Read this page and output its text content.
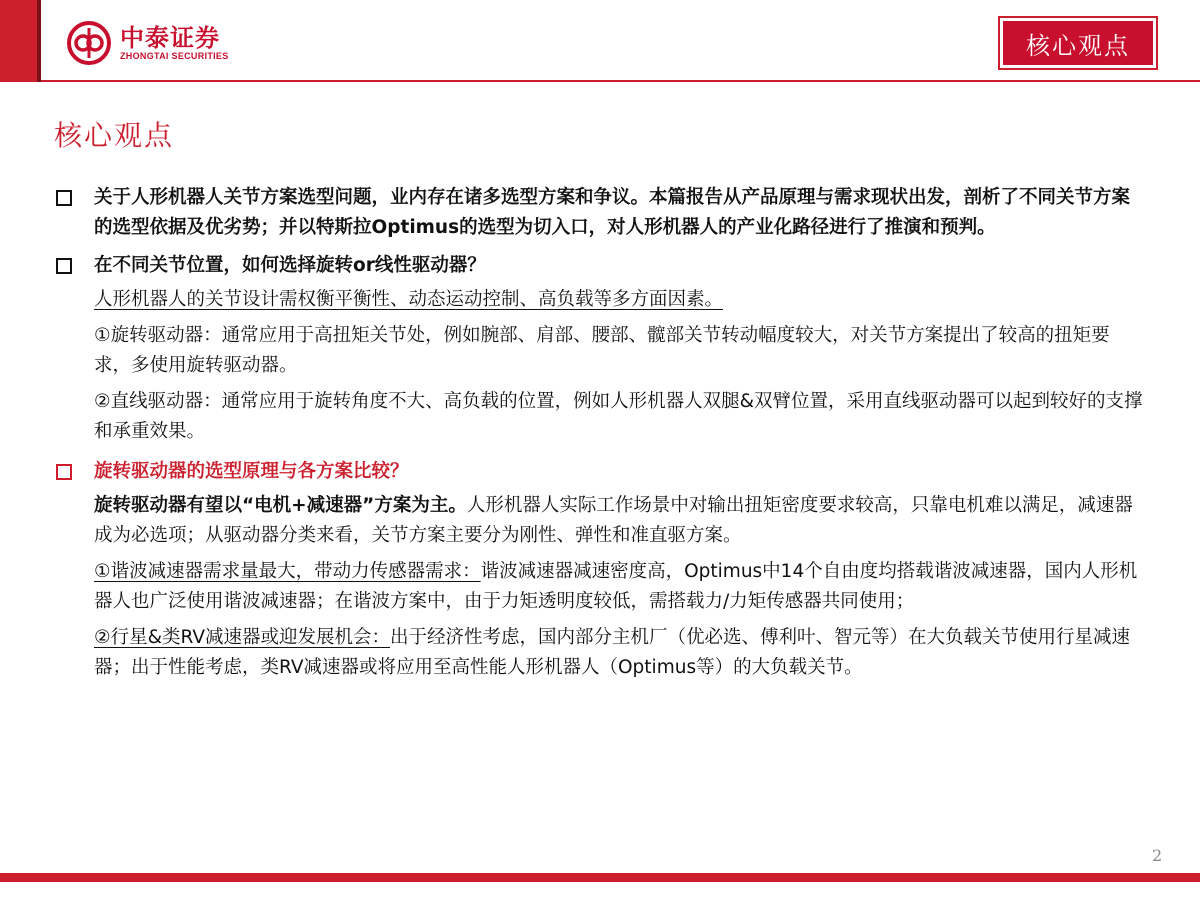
中泰证券
ZHONGTAI SECURITIES	核心观点
核心观点
关于人形机器人关节方案选型问题，业内存在诸多选型方案和争议。本篇报告从产品原理与需求现状出发，剖析了不同关节方案的选型依据及优劣势；并以特斯拉Optimus的选型为切入口，对人形机器人的产业化路径进行了推演和预判。
在不同关节位置，如何选择旋转or线性驱动器？
人形机器人的关节设计需权衡平衡性、动态运动控制、高负载等多方面因素。
①旋转驱动器：通常应用于高扭矩关节处，例如腕部、肩部、腰部、髋部关节转动幅度较大，对关节方案提出了较高的扭矩要求，多使用旋转驱动器。
②直线驱动器：通常应用于旋转角度不大、高负载的位置，例如人形机器人双腿&双臂位置，采用直线驱动器可以起到较好的支撑和承重效果。
旋转驱动器的选型原理与各方案比较？
旋转驱动器有望以“电机+减速器”方案为主。人形机器人实际工作场景中对输出扭矩密度要求较高，只靠电机难以满足，减速器成为必选项；从驱动器分类来看，关节方案主要分为刚性、弹性和准直驱方案。
①谐波减速器需求量最大，带动力传感器需求：谐波减速器减速密度高，Optimus中14个自由度均搭载谐波减速器，国内人形机器人也广泛使用谐波减速器；在谐波方案中，由于力矩透明度较低，需搭载力/力矩传感器共同使用；
②行星&类RV减速器或迎发展机会：出于经济性考虑，国内部分主机厂（优必选、傅利叶、智元等）在大负载关节使用行星减速器；出于性能考虑，类RV减速器或将应用至高性能人形机器人（Optimus等）的大负载关节。
2
